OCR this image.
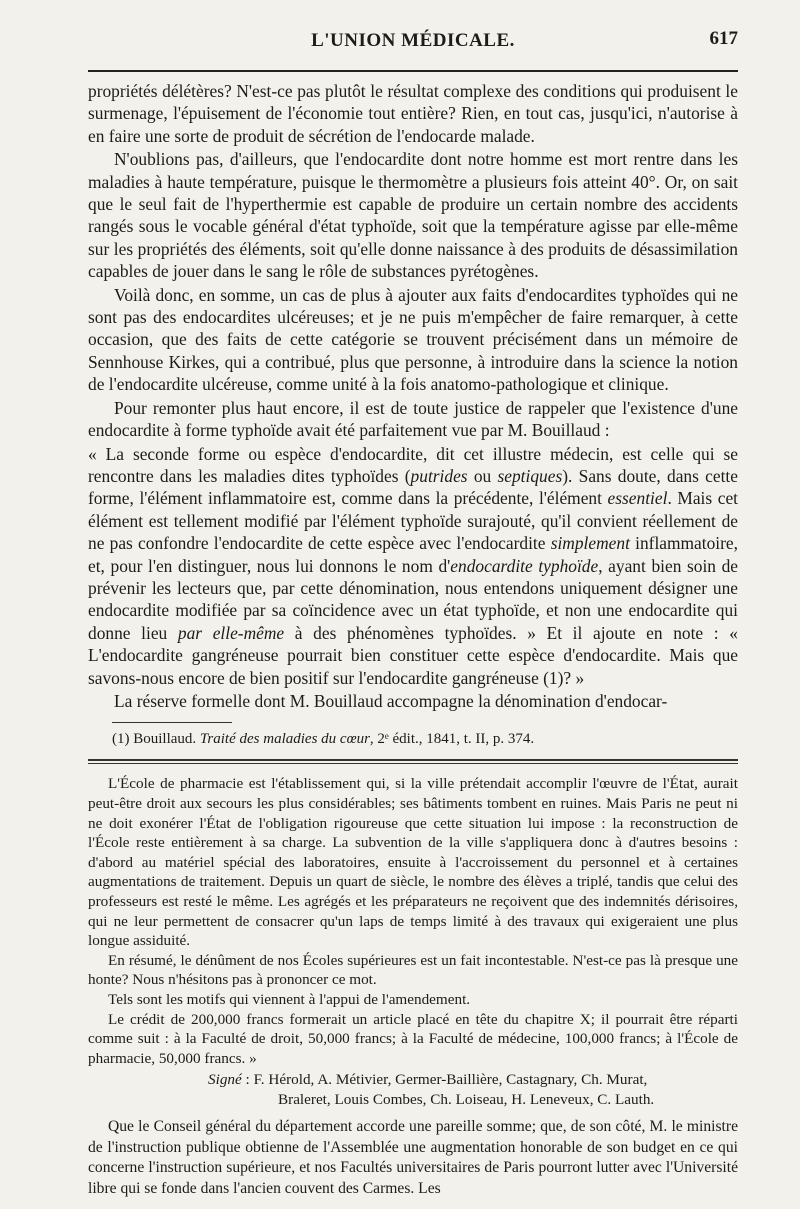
L'UNION MÉDICALE.	617

propriétés délétères? N'est-ce pas plutôt le résultat complexe des conditions qui produisent le surmenage, l'épuisement de l'économie tout entière? Rien, en tout cas, jusqu'ici, n'autorise à en faire une sorte de produit de sécrétion de l'endocarde malade.

N'oublions pas, d'ailleurs, que l'endocardite dont notre homme est mort rentre dans les maladies à haute température, puisque le thermomètre a plusieurs fois atteint 40°. Or, on sait que le seul fait de l'hyperthermie est capable de produire un certain nombre des accidents rangés sous le vocable général d'état typhoïde, soit que la température agisse par elle-même sur les propriétés des éléments, soit qu'elle donne naissance à des produits de désassimilation capables de jouer dans le sang le rôle de substances pyrétogènes.

Voilà donc, en somme, un cas de plus à ajouter aux faits d'endocardites typhoïdes qui ne sont pas des endocardites ulcéreuses; et je ne puis m'empêcher de faire remarquer, à cette occasion, que des faits de cette catégorie se trouvent précisément dans un mémoire de Sennhouse Kirkes, qui a contribué, plus que personne, à introduire dans la science la notion de l'endocardite ulcéreuse, comme unité à la fois anatomo-pathologique et clinique.

Pour remonter plus haut encore, il est de toute justice de rappeler que l'existence d'une endocardite à forme typhoïde avait été parfaitement vue par M. Bouillaud :

« La seconde forme ou espèce d'endocardite, dit cet illustre médecin, est celle qui se rencontre dans les maladies dites typhoïdes (putrides ou septiques). Sans doute, dans cette forme, l'élément inflammatoire est, comme dans la précédente, l'élément essentiel. Mais cet élément est tellement modifié par l'élément typhoïde surajouté, qu'il convient réellement de ne pas confondre l'endocardite de cette espèce avec l'endocardite simplement inflammatoire, et, pour l'en distinguer, nous lui donnons le nom d'endocardite typhoïde, ayant bien soin de prévenir les lecteurs que, par cette dénomination, nous entendons uniquement désigner une endocardite modifiée par sa coïncidence avec un état typhoïde, et non une endocardite qui donne lieu par elle-même à des phénomènes typhoïdes. » Et il ajoute en note : « L'endocardite gangréneuse pourrait bien constituer cette espèce d'endocardite. Mais que savons-nous encore de bien positif sur l'endocardite gangréneuse (1)? »

La réserve formelle dont M. Bouillaud accompagne la dénomination d'endocar-

(1) Bouillaud. Traité des maladies du cœur, 2ᵉ édit., 1841, t. II, p. 374.

L'École de pharmacie est l'établissement qui, si la ville prétendait accomplir l'œuvre de l'État, aurait peut-être droit aux secours les plus considérables; ses bâtiments tombent en ruines. Mais Paris ne peut ni ne doit exonérer l'État de l'obligation rigoureuse que cette situation lui impose : la reconstruction de l'École reste entièrement à sa charge. La subvention de la ville s'appliquera donc à d'autres besoins : d'abord au matériel spécial des laboratoires, ensuite à l'accroissement du personnel et à certaines augmentations de traitement. Depuis un quart de siècle, le nombre des élèves a triplé, tandis que celui des professeurs est resté le même. Les agrégés et les préparateurs ne reçoivent que des indemnités dérisoires, qui ne leur permettent de consacrer qu'un laps de temps limité à des travaux qui exigeraient une plus longue assiduité.

En résumé, le dénûment de nos Écoles supérieures est un fait incontestable. N'est-ce pas là presque une honte? Nous n'hésitons pas à prononcer ce mot.

Tels sont les motifs qui viennent à l'appui de l'amendement.

Le crédit de 200,000 francs formerait un article placé en tête du chapitre X; il pourrait être réparti comme suit : à la Faculté de droit, 50,000 francs; à la Faculté de médecine, 100,000 francs; à l'École de pharmacie, 50,000 francs. »

Signé : F. Hérold, A. Métivier, Germer-Baillière, Castagnary, Ch. Murat,
Braleret, Louis Combes, Ch. Loiseau, H. Leneveux, C. Lauth.

Que le Conseil général du département accorde une pareille somme; que, de son côté, M. le ministre de l'instruction publique obtienne de l'Assemblée une augmentation honorable de son budget en ce qui concerne l'instruction supérieure, et nos Facultés universitaires de Paris pourront lutter avec l'Université libre qui se fonde dans l'ancien couvent des Carmes. Les
